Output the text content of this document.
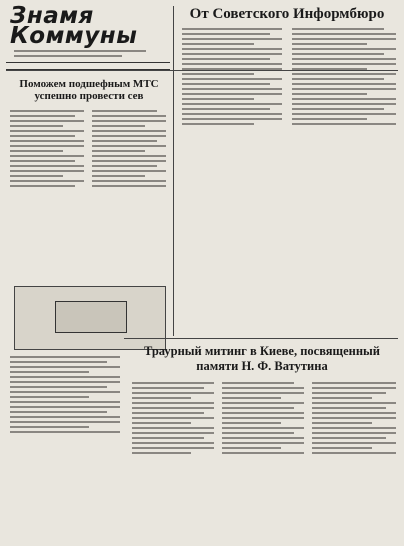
Знамя
Коммуны
От Советского Информбюро
Поможем подшефным МТС успешно провести сев
Траурный митинг в Киеве, посвященный памяти Н. Ф. Ватутина
